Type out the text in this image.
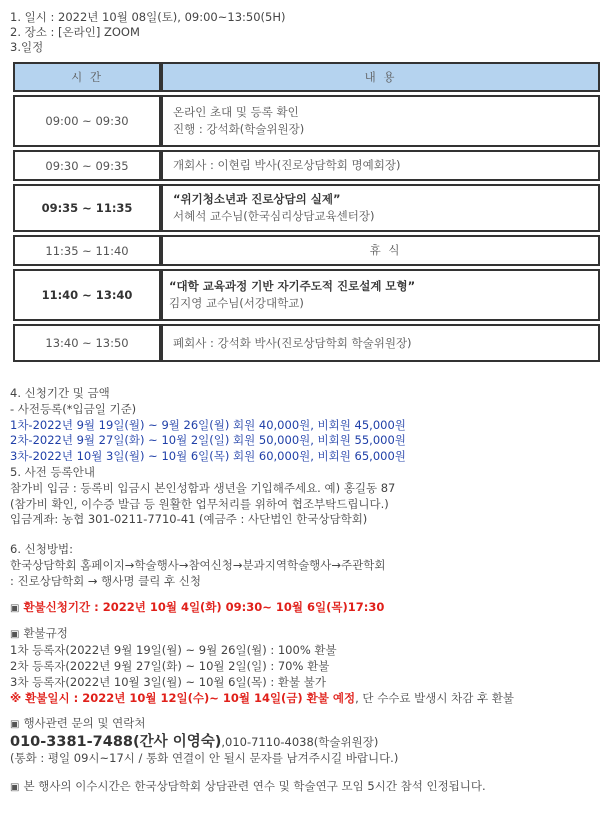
1. 일시 : 2022년 10월 08일(토), 09:00~13:50(5H)
2. 장소 : [온라인] ZOOM
3.일정
시 간	내 용
09:00 ~ 09:30	온라인 초대 및 등록 확인
진행 : 강석화(학술위원장)

09:30 ~ 09:35	개회사 : 이현림 박사(진로상담학회 명예회장)
09:35 ~ 11:35	“위기청소년과 진로상담의 실제”
서혜석 교수님(한국심리상담교육센터장)

11:35 ~ 11:40	휴 식
11:40 ~ 13:40	“대학 교육과정 기반 자기주도적 진로설계 모형”
김지영 교수님(서강대학교)

13:40 ~ 13:50	폐회사 : 강석화 박사(진로상담학회 학술위원장)
4. 신청기간 및 금액
- 사전등록(*입금일 기준)
1차-2022년 9월 19일(월) ~ 9월 26일(월) 회원 40,000원, 비회원 45,000원
2차-2022년 9월 27일(화) ~ 10월 2일(일) 회원 50,000원, 비회원 55,000원
3차-2022년 10월 3일(월) ~ 10월 6일(목) 회원 60,000원, 비회원 65,000원
5. 사전 등록안내
참가비 입금 : 등록비 입금시 본인성함과 생년을 기입해주세요. 예) 홍길동 87
(참가비 확인, 이수증 발급 등 원활한 업무처리를 위하여 협조부탁드립니다.)
입금계좌: 농협 301-0211-7710-41 (예금주 : 사단법인 한국상담학회)
6. 신청방법:
한국상담학회 홈페이지→학술행사→참여신청→분과지역학술행사→주관학회
: 진로상담학회 → 행사명 클릭 후 신청
▣ 환불신청기간 : 2022년 10월 4일(화) 09:30~ 10월 6일(목)17:30
▣ 환불규정
1차 등록자(2022년 9월 19일(월) ~ 9월 26일(월) : 100% 환불
2차 등록자(2022년 9월 27일(화) ~ 10월 2일(일) : 70% 환불
3차 등록자(2022년 10월 3일(월) ~ 10월 6일(목) : 환불 불가
※ 환불일시 : 2022년 10월 12일(수)~ 10월 14일(금) 환불 예정, 단 수수료 발생시 차감 후 환불
▣ 행사관련 문의 및 연락처
010-3381-7488(간사 이영숙),010-7110-4038(학술위원장)
(통화 : 평일 09시~17시 / 통화 연결이 안 될시 문자를 남겨주시길 바랍니다.)
▣ 본 행사의 이수시간은 한국상담학회 상담관련 연수 및 학술연구 모임 5시간 참석 인정됩니다.
